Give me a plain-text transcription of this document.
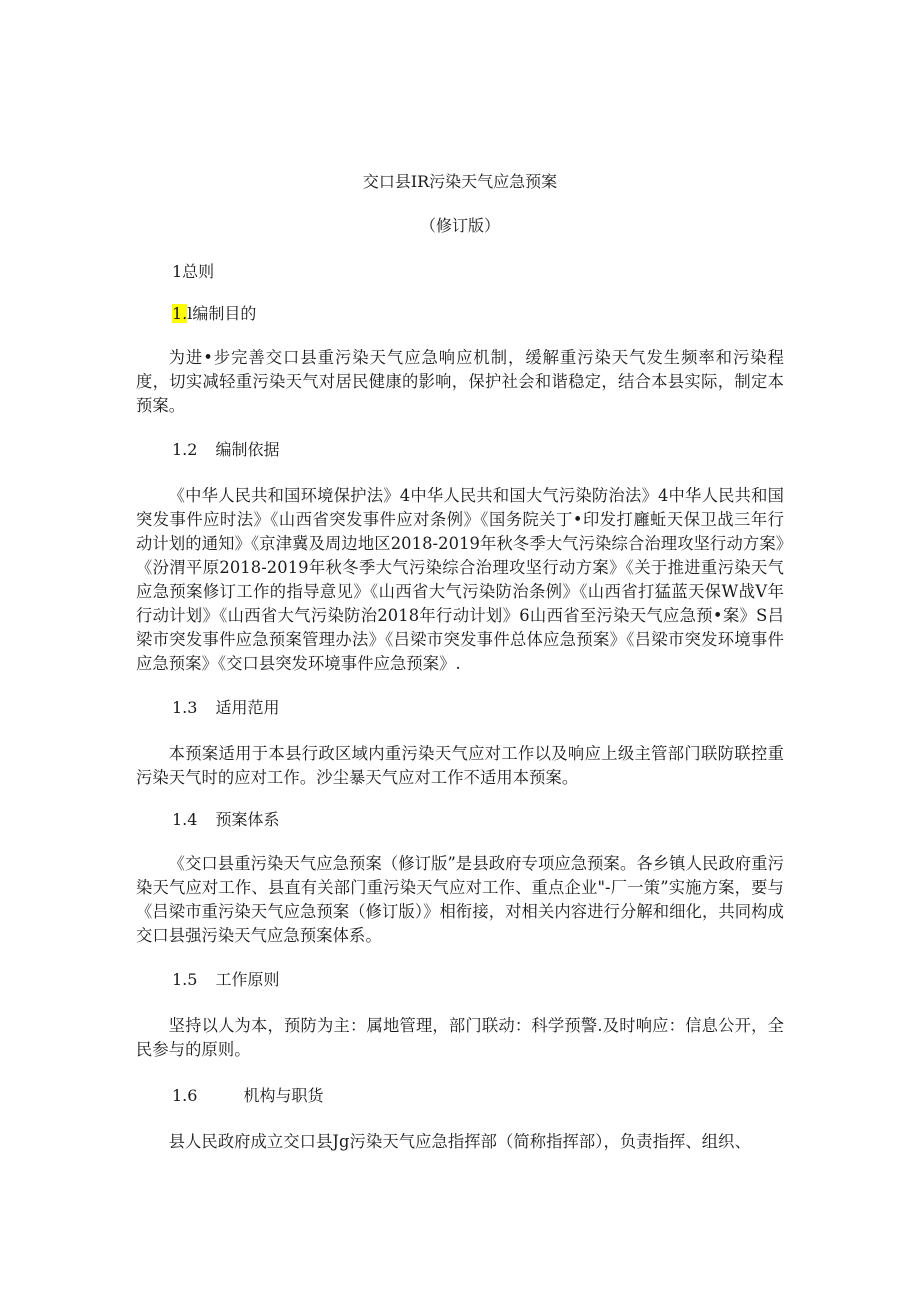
交口县IR污染天气应急预案

（修订版）

1总则

1.l编制目的

为进•步完善交口县重污染天气应急响应机制，缓解重污染天气发生频率和污染程度，切实减轻重污染天气对居民健康的影响，保护社会和谐稳定，结合本县实际，制定本预案。

1.2 编制依据

《中华人民共和国环境保护法》4中华人民共和国大气污染防治法》4中华人民共和国突发事件应时法》《山西省突发事件应对条例》《国务院关丁•印发打廱蚯天保卫战三年行动计划的通知》《京津冀及周边地区2018-2019年秋冬季大气污染综合治理攻坚行动方案》《汾渭平原2018-2019年秋冬季大气污染综合治理攻坚行动方案》《关于推进重污染天气应急预案修订工作的指导意见》《山西省大气污染防治条例》《山西省打猛蓝天保W战V年行动计划》《山西省大气污染防治2018年行动计划》6山西省至污染天气应急预•案》S吕梁市突发事件应急预案管理办法》《吕梁市突发事件总体应急预案》《吕梁市突发环境事件应急预案》《交口县突发环境事件应急预案》.

1.3 适用范用

本预案适用于本县行政区域内重污染天气应对工作以及响应上级主管部门联防联控重污染天气时的应对工作。沙尘暴天气应对工作不适用本预案。

1.4 预案体系

《交口县重污染天气应急预案（修订版”是县政府专项应急预案。各乡镇人民政府重污染天气应对工作、县直有关部门重污染天气应对工作、重点企业"-厂一策”实施方案，要与《吕梁市重污染天气应急预案（修订版）》相衔接，对相关内容进行分解和细化，共同构成交口县强污染天气应急预案体系。

1.5 工作原则

坚持以人为本，预防为主：属地管理，部门联动：科学预警.及时响应：信息公开，全民参与的原则。

1.6	机构与职货

县人民政府成立交口县Jg污染天气应急指挥部（简称指挥部），负责指挥、组织、
